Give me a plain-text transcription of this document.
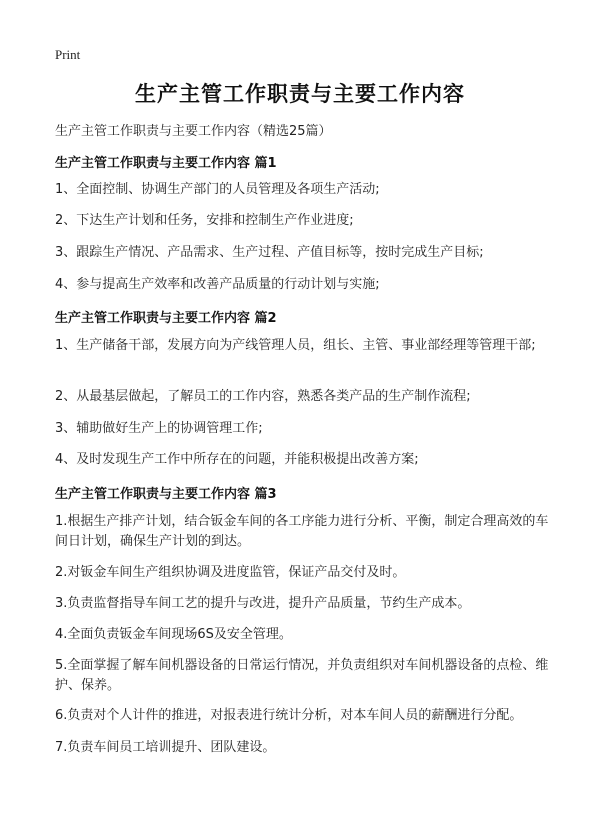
Print
生产主管工作职责与主要工作内容
生产主管工作职责与主要工作内容（精选25篇）
生产主管工作职责与主要工作内容 篇1
1、全面控制、协调生产部门的人员管理及各项生产活动;
2、下达生产计划和任务，安排和控制生产作业进度;
3、跟踪生产情况、产品需求、生产过程、产值目标等，按时完成生产目标;
4、参与提高生产效率和改善产品质量的行动计划与实施;
生产主管工作职责与主要工作内容 篇2
1、生产储备干部，发展方向为产线管理人员，组长、主管、事业部经理等管理干部;
2、从最基层做起，了解员工的工作内容，熟悉各类产品的生产制作流程;
3、辅助做好生产上的协调管理工作;
4、及时发现生产工作中所存在的问题，并能积极提出改善方案;
生产主管工作职责与主要工作内容 篇3
1.根据生产排产计划，结合钣金车间的各工序能力进行分析、平衡，制定合理高效的车间日计划，确保生产计划的到达。
2.对钣金车间生产组织协调及进度监管，保证产品交付及时。
3.负责监督指导车间工艺的提升与改进，提升产品质量，节约生产成本。
4.全面负责钣金车间现场6S及安全管理。
5.全面掌握了解车间机器设备的日常运行情况，并负责组织对车间机器设备的点检、维护、保养。
6.负责对个人计件的推进，对报表进行统计分析，对本车间人员的薪酬进行分配。
7.负责车间员工培训提升、团队建设。
